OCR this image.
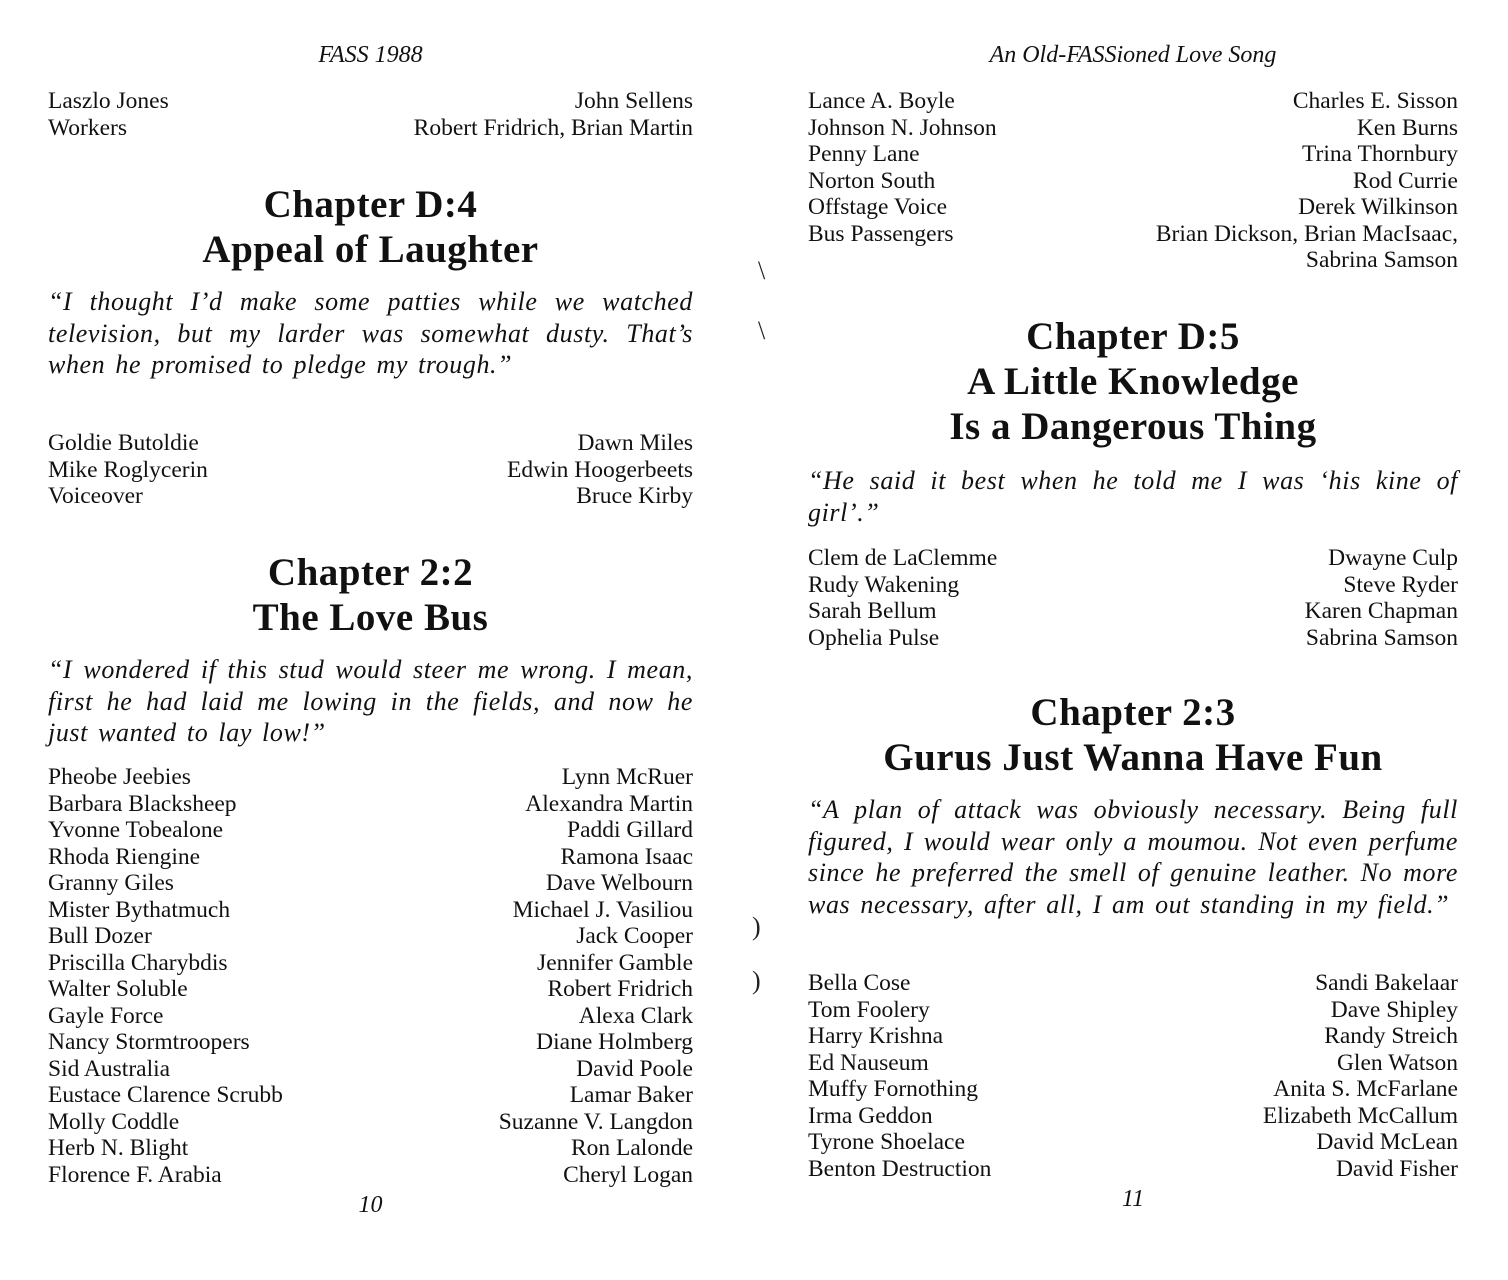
FASS 1988
Laszlo Jones	John Sellens
Workers	Robert Fridrich, Brian Martin
Chapter D:4
Appeal of Laughter
“I thought I’d make some patties while we watched television, but my larder was somewhat dusty. That’s when he promised to pledge my trough.”
Goldie Butoldie	Dawn Miles
Mike Roglycerin	Edwin Hoogerbeets
Voiceover	Bruce Kirby
Chapter 2:2
The Love Bus
“I wondered if this stud would steer me wrong. I mean, first he had laid me lowing in the fields, and now he just wanted to lay low!”
Pheobe Jeebies	Lynn McRuer
Barbara Blacksheep	Alexandra Martin
Yvonne Tobealone	Paddi Gillard
Rhoda Riengine	Ramona Isaac
Granny Giles	Dave Welbourn
Mister Bythatmuch	Michael J. Vasiliou
Bull Dozer	Jack Cooper
Priscilla Charybdis	Jennifer Gamble
Walter Soluble	Robert Fridrich
Gayle Force	Alexa Clark
Nancy Stormtroopers	Diane Holmberg
Sid Australia	David Poole
Eustace Clarence Scrubb	Lamar Baker
Molly Coddle	Suzanne V. Langdon
Herb N. Blight	Ron Lalonde
Florence F. Arabia	Cheryl Logan
10
\
\
)
)
An Old-FASSioned Love Song
Lance A. Boyle	Charles E. Sisson
Johnson N. Johnson	Ken Burns
Penny Lane	Trina Thornbury
Norton South	Rod Currie
Offstage Voice	Derek Wilkinson
Bus Passengers	Brian Dickson, Brian MacIsaac,
Sabrina Samson
Chapter D:5
A Little Knowledge
Is a Dangerous Thing
“He said it best when he told me I was ‘his kine of girl’.”
Clem de LaClemme	Dwayne Culp
Rudy Wakening	Steve Ryder
Sarah Bellum	Karen Chapman
Ophelia Pulse	Sabrina Samson
Chapter 2:3
Gurus Just Wanna Have Fun
“A plan of attack was obviously necessary. Being full figured, I would wear only a moumou. Not even perfume since he preferred the smell of genuine leather. No more was necessary, after all, I am out standing in my field.”
Bella Cose	Sandi Bakelaar
Tom Foolery	Dave Shipley
Harry Krishna	Randy Streich
Ed Nauseum	Glen Watson
Muffy Fornothing	Anita S. McFarlane
Irma Geddon	Elizabeth McCallum
Tyrone Shoelace	David McLean
Benton Destruction	David Fisher
11
